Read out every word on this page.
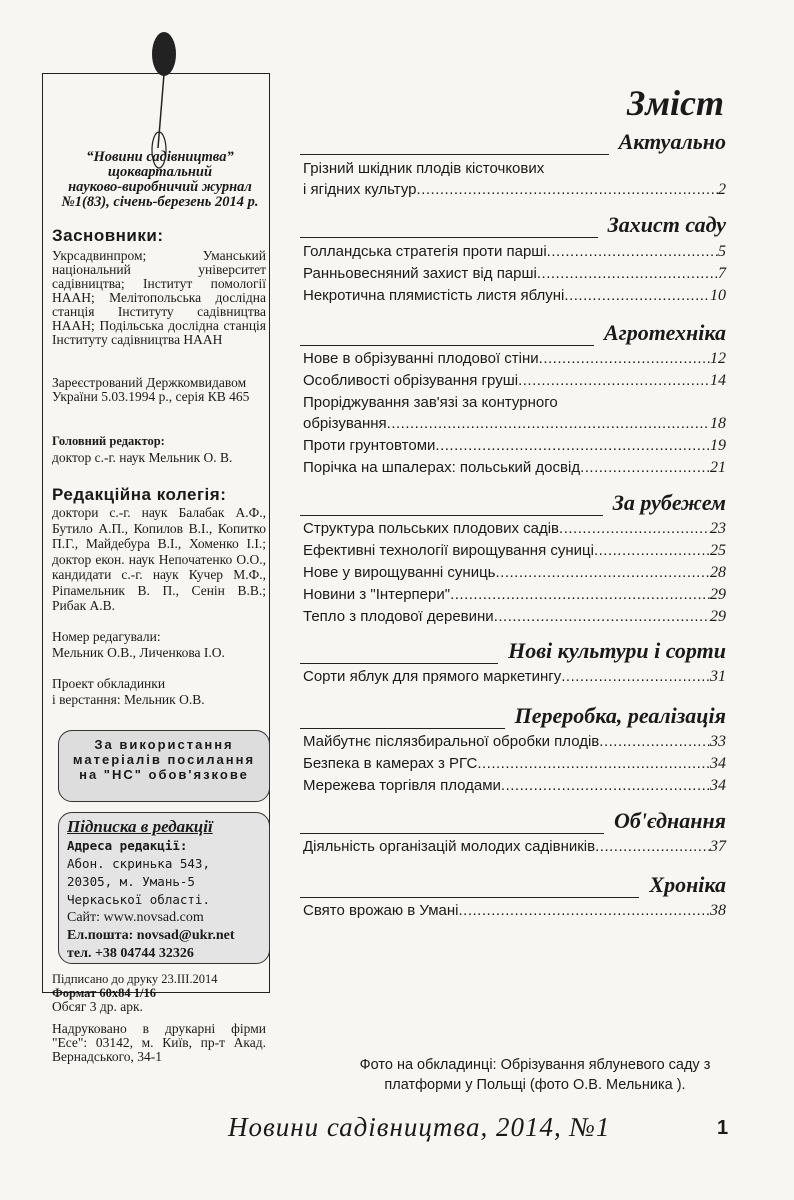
“Новини садівництва”
щоквартальний
науково-виробничий журнал
№1(83), січень-березень 2014 р.
Засновники:
Укрсадвинпром; Уманський національний університет садівництва; Інститут помології НААН; Мелітопольська дослідна станція Інституту садівництва НААН; Подільська дослідна станція Інституту садівництва НААН
Зареєстрований Держкомвидавом України 5.03.1994 р., серія КВ 465
Головний редактор:
доктор с.-г. наук Мельник О. В.
Редакційна колегія:
доктори с.-г. наук Балабак А.Ф., Бутило А.П., Копилов В.І., Копитко П.Г., Майдебура В.І., Хоменко І.І.; доктор екон. наук Непочатенко О.О., кандидати с.-г. наук Кучер М.Ф., Ріпамельник В. П., Сенін В.В.; Рибак А.В.
Номер редагували:
Мельник О.В., Личенкова І.О.
Проект обкладинки
і верстання: Мельник О.В.
За використання матеріалів посилання на "НС" обов'язкове
Підписка в редакції
Адреса редакції:
Абон. скринька 543,
20305, м. Умань-5
Черкаської області.
Сайт: www.novsad.com
Ел.пошта: novsad@ukr.net
тел. +38 04744 32326
Підписано до друку 23.ІІІ.2014
Формат 60х84 1/16
Обсяг 3 др. арк.
Надруковано в друкарні фірми "Есе": 03142, м. Київ, пр-т Акад. Вернадського, 34-1
Зміст
Актуально
Грізний шкідник плодів кісточкових
і ягідних культур .....	2
Захист саду
Голландська стратегія проти парші .....	5
Ранньовесняний захист від парші .....	7
Некротична плямистість листя яблуні .....	10
Агротехніка
Нове в обрізуванні плодової стіни .....	12
Особливості обрізування груші .....	14
Проріджування зав'язі за контурного
обрізування .....	18
Проти грунтовтоми .....	19
Порічка на шпалерах: польський досвід .....	21
За рубежем
Структура польських плодових садів .....	23
Ефективні технології вирощування суниці .....	25
Нове у вирощуванні суниць .....	28
Новини з "Інтерпери" .....	29
Тепло з плодової деревини .....	29
Нові культури і сорти
Сорти яблук для прямого маркетингу .....	31
Переробка, реалізація
Майбутнє післязбиральної обробки плодів .....	33
Безпека в камерах з РГС .....	34
Мережева торгівля плодами .....	34
Об'єднання
Діяльність організацій молодих садівників .....	37
Хроніка
Свято врожаю в Умані .....	38
Фото на обкладинці: Обрізування яблуневого саду з платформи у Польщі (фото О.В. Мельника ).
Новини садівництва, 2014, №1	1
